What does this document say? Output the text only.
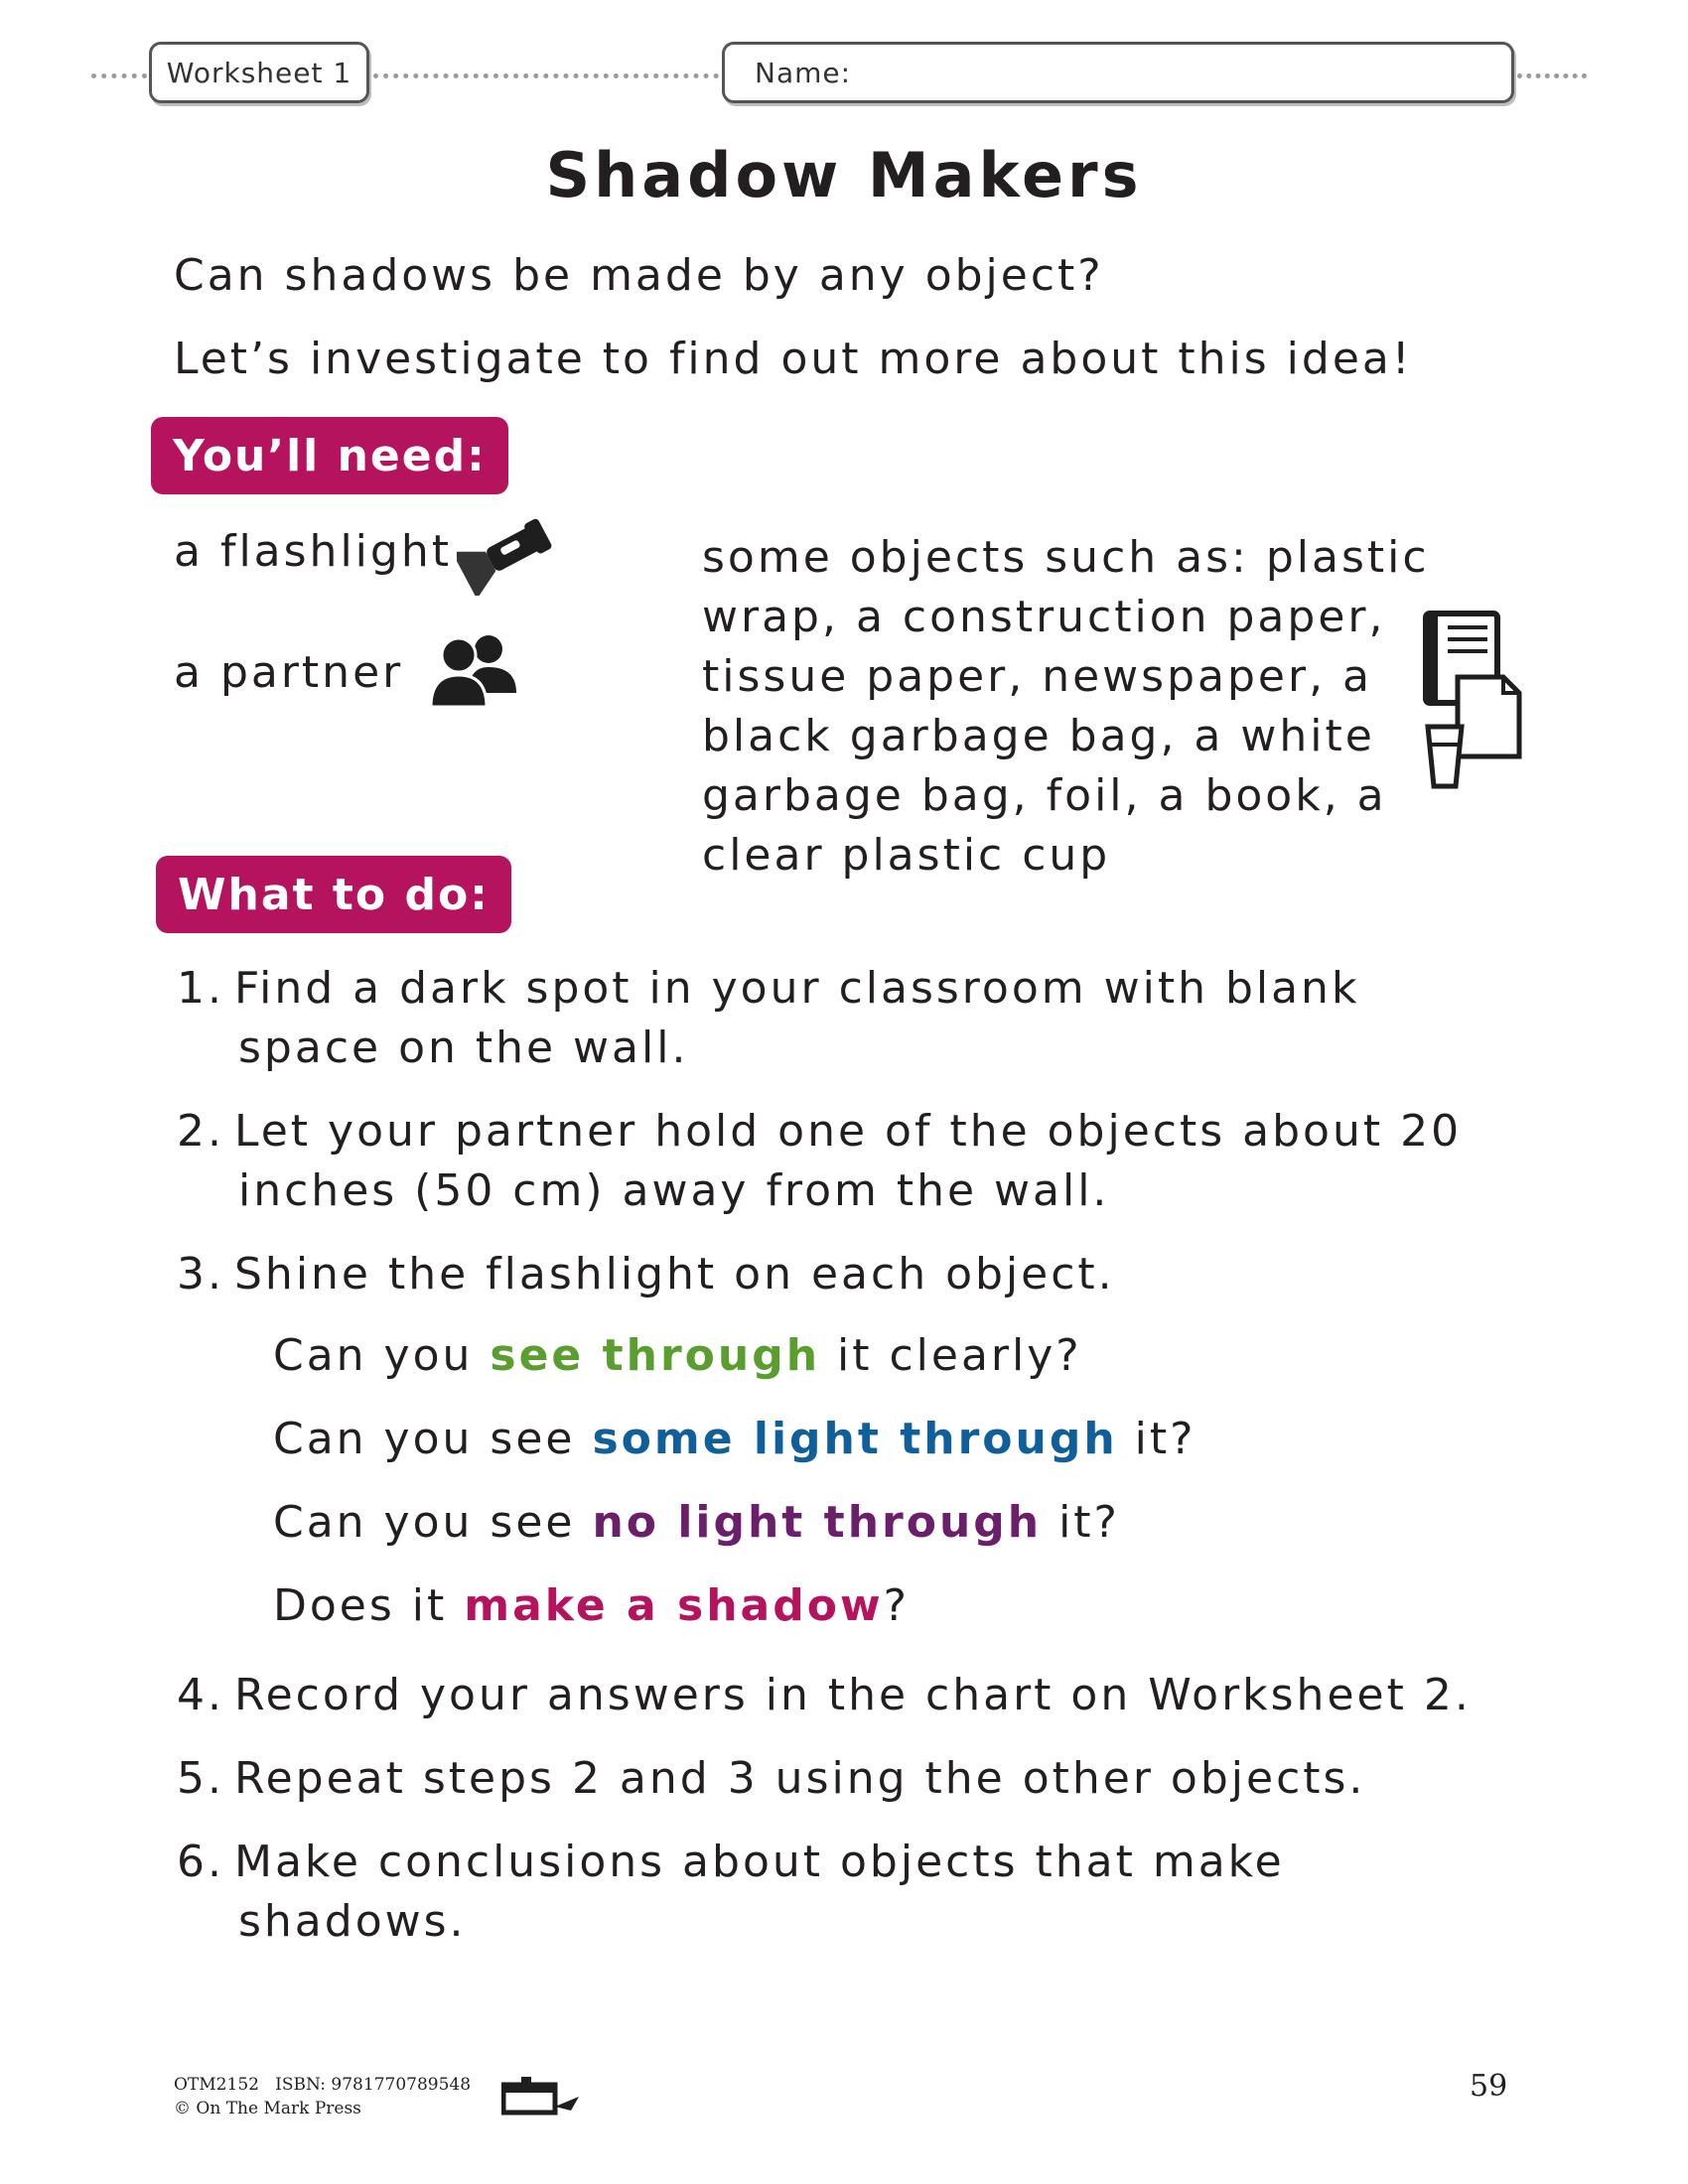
Worksheet 1	Name:
Shadow Makers
Can shadows be made by any object?
Let’s investigate to find out more about this idea!
You’ll need:
a flashlight
a partner
some objects such as: plastic wrap, a construction paper, tissue paper, newspaper, a black garbage bag, a white garbage bag, foil, a book, a clear plastic cup
What to do:
1. Find a dark spot in your classroom with blank
space on the wall.
2. Let your partner hold one of the objects about 20
inches (50 cm) away from the wall.
3. Shine the flashlight on each object.
Can you see through it clearly?
Can you see some light through it?
Can you see no light through it?
Does it make a shadow?
4. Record your answers in the chart on Worksheet 2.
5. Repeat steps 2 and 3 using the other objects.
6. Make conclusions about objects that make
shadows.
OTM2152 ISBN: 9781770789548
© On The Mark Press
59
